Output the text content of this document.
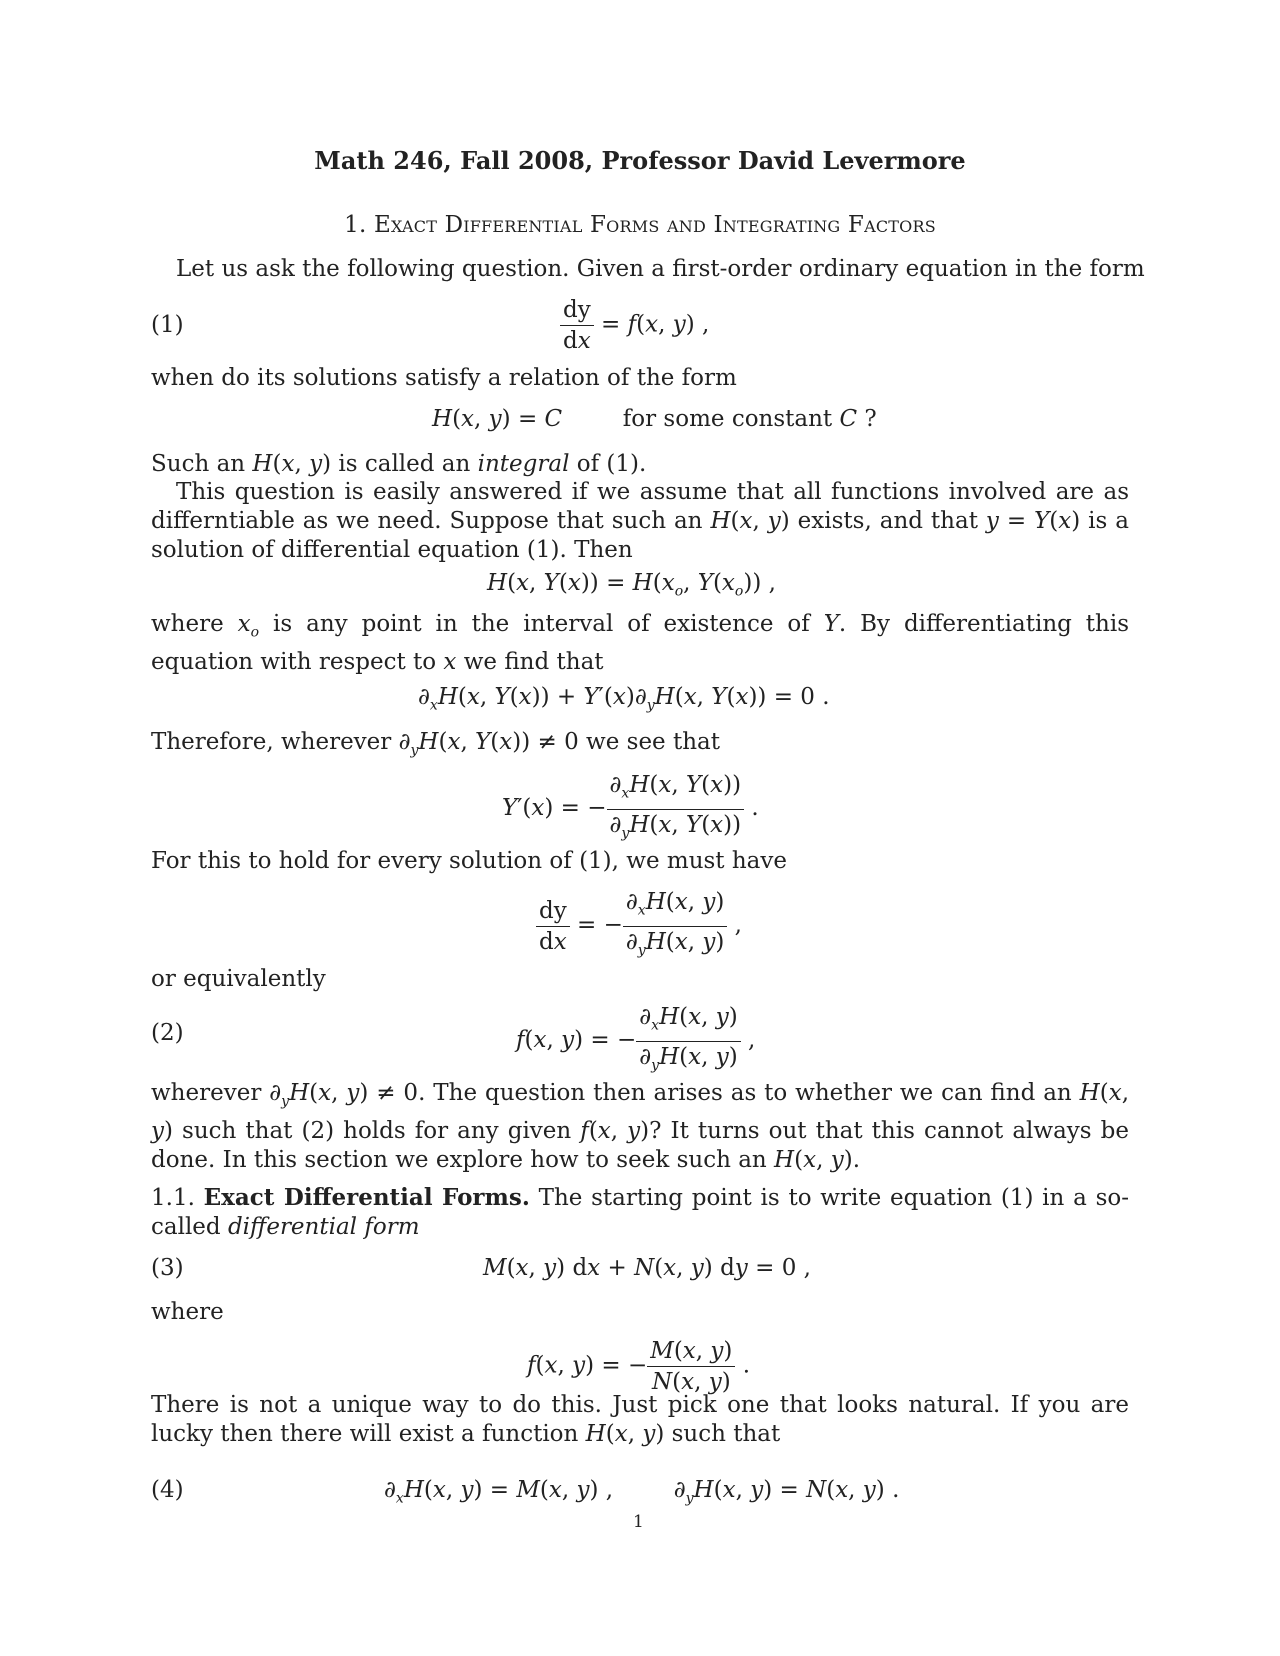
Math 246, Fall 2008, Professor David Levermore
1. Exact Differential Forms and Integrating Factors
Let us ask the following question. Given a first-order ordinary equation in the form
(1)	$\frac{dy}{dx} = f(x$, y) ,
when do its solutions satisfy a relation of the form
H(x, y) = C	for some constant C ?
Such an H(x, y) is called an integral of (1).
This question is easily answered if we assume that all functions involved are as differntiable as we need. Suppose that such an H(x, y) exists, and that y = Y(x) is a solution of differential equation (1). Then
H(x, $Y(x)) = H(x_o$, $Y(x_o)$) ,
where $x_o$ is any point in the interval of existence of Y. By differentiating this equation with respect to x we find that
$\partial_xH(x$, $Y(x)) + Y'(x)\partial_yH(x$, Y(x)) = 0 .
Therefore, wherever $\partial_yH(x$, Y(x)) ≠ 0 we see that
Y′(x) = − $\frac{\partial_xH(x, Y(x))}{\partial_yH(x, Y(x))}$ .
For this to hold for every solution of (1), we must have
$\frac{dy}{dx}$ = − $\frac{\partial_xH(x, y)}{\partial_yH(x, y)}$ ,
or equivalently
(2)	f(x, y) = − $\frac{\partial_xH(x, y)}{\partial_yH(x, y)}$ ,
wherever $\partial_yH(x$, y) ≠ 0. The question then arises as to whether we can find an H(x, y) such that (2) holds for any given f(x, y)? It turns out that this cannot always be done. In this section we explore how to seek such an H(x, y).
1.1. Exact Differential Forms. The starting point is to write equation (1) in a so-called differential form
(3)	M(x, y) dx + N(x, y) dy = 0 ,
where
f(x, y) = − $\frac{M(x, y)}{N(x, y)}$ .
There is not a unique way to do this. Just pick one that looks natural. If you are lucky then there will exist a function H(x, y) such that
(4)	$\partial_xH(x$, y) = M(x, y) ,  $\partial_yH(x$, y) = N(x, y) .
1
